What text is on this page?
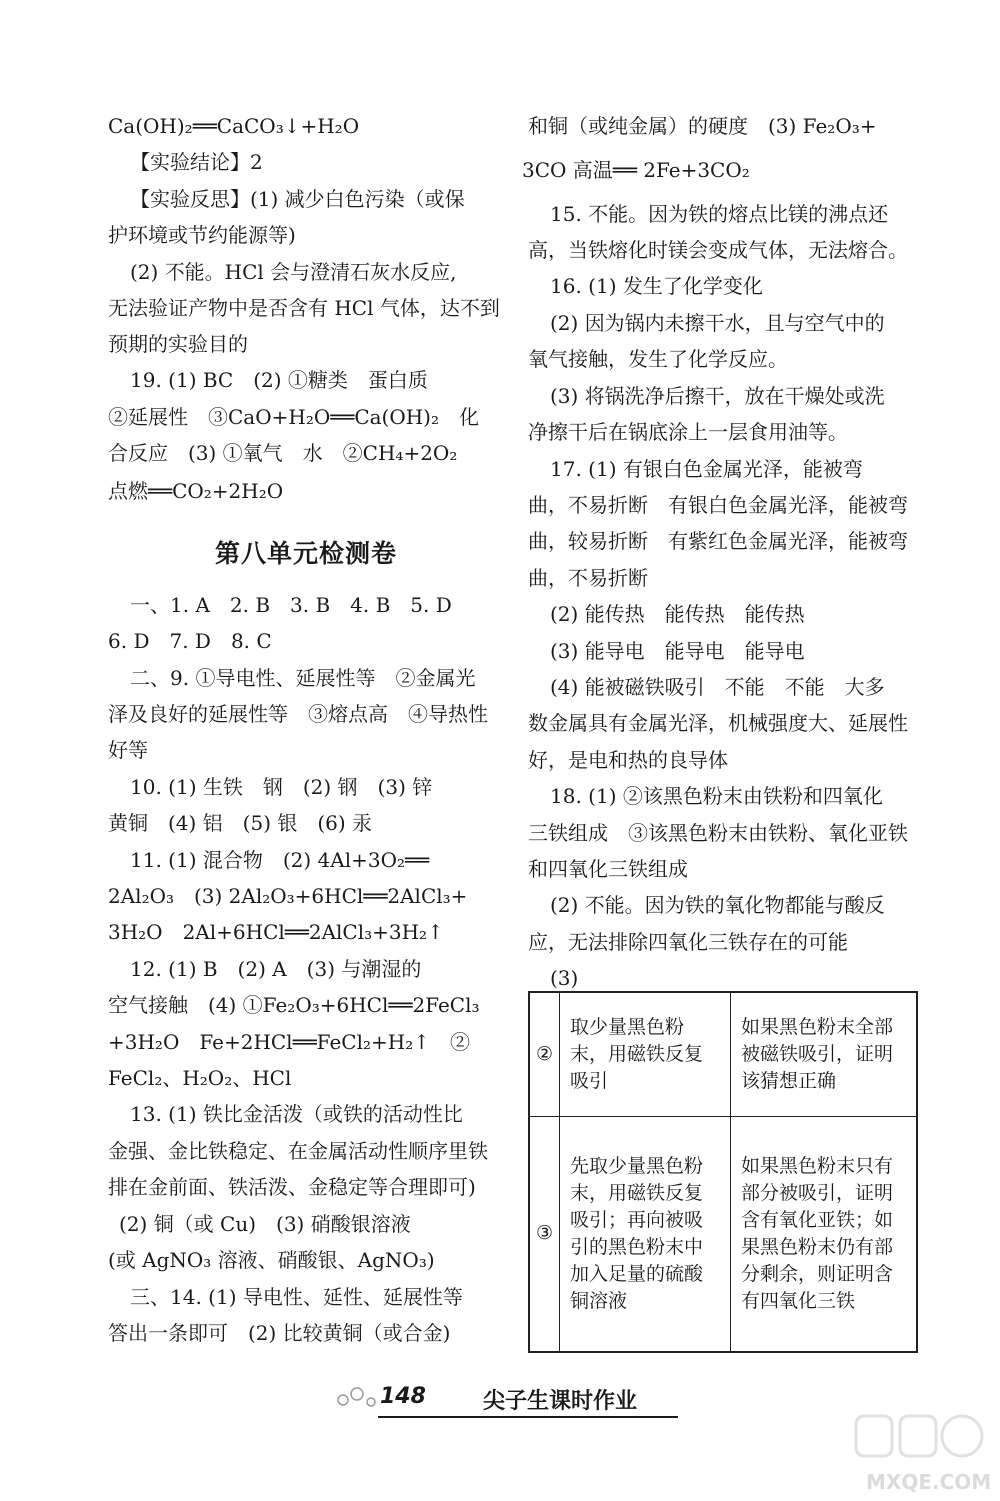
Ca(OH)₂══CaCO₃↓+H₂O
【实验结论】2
【实验反思】(1) 减少白色污染（或保
护环境或节约能源等)
(2) 不能。HCl 会与澄清石灰水反应,
无法验证产物中是否含有 HCl 气体，达不到
预期的实验目的
19. (1) BC　(2) ①糖类　蛋白质
②延展性　③CaO+H₂O══Ca(OH)₂　化
合反应　(3) ①氧气　水　②CH₄+2O₂
点燃══CO₂+2H₂O
一、1. A　2. B　3. B　4. B　5. D
6. D　7. D　8. C
二、9. ①导电性、延展性等　②金属光
泽及良好的延展性等　③熔点高　④导热性
好等
10. (1) 生铁　钢　(2) 钢　(3) 锌
黄铜　(4) 铝　(5) 银　(6) 汞
11. (1) 混合物　(2) 4Al+3O₂══
2Al₂O₃　(3) 2Al₂O₃+6HCl══2AlCl₃+
3H₂O　2Al+6HCl══2AlCl₃+3H₂↑
12. (1) B　(2) A　(3) 与潮湿的
空气接触　(4) ①Fe₂O₃+6HCl══2FeCl₃
+3H₂O　Fe+2HCl══FeCl₂+H₂↑　②
FeCl₂、H₂O₂、HCl
13. (1) 铁比金活泼（或铁的活动性比
金强、金比铁稳定、在金属活动性顺序里铁
排在金前面、铁活泼、金稳定等合理即可)
(2) 铜（或 Cu)　(3) 硝酸银溶液
(或 AgNO₃ 溶液、硝酸银、AgNO₃)
三、14. (1) 导电性、延性、延展性等
答出一条即可　(2) 比较黄铜（或合金)
第八单元检测卷
和铜（或纯金属）的硬度　(3) Fe₂O₃+
3CO 高温══ 2Fe+3CO₂
15. 不能。因为铁的熔点比镁的沸点还
高，当铁熔化时镁会变成气体，无法熔合。
16. (1) 发生了化学变化
(2) 因为锅内未擦干水，且与空气中的
氧气接触，发生了化学反应。
(3) 将锅洗净后擦干，放在干燥处或洗
净擦干后在锅底涂上一层食用油等。
17. (1) 有银白色金属光泽，能被弯
曲，不易折断　有银白色金属光泽，能被弯
曲，较易折断　有紫红色金属光泽，能被弯
曲，不易折断
(2) 能传热　能传热　能传热
(3) 能导电　能导电　能导电
(4) 能被磁铁吸引　不能　不能　大多
数金属具有金属光泽，机械强度大、延展性
好，是电和热的良导体
18. (1) ②该黑色粉末由铁粉和四氧化
三铁组成　③该黑色粉末由铁粉、氧化亚铁
和四氧化三铁组成
(2) 不能。因为铁的氧化物都能与酸反
应，无法排除四氧化三铁存在的可能
(3)
②	取少量黑色粉末，用磁铁反复吸引	如果黑色粉末全部被磁铁吸引，证明该猜想正确
③	先取少量黑色粉末，用磁铁反复吸引；再向被吸引的黑色粉末中加入足量的硫酸铜溶液	如果黑色粉末只有部分被吸引，证明含有氧化亚铁；如果黑色粉末仍有部分剩余，则证明含有四氧化三铁
148	尖子生课时作业
MXQE.COM
